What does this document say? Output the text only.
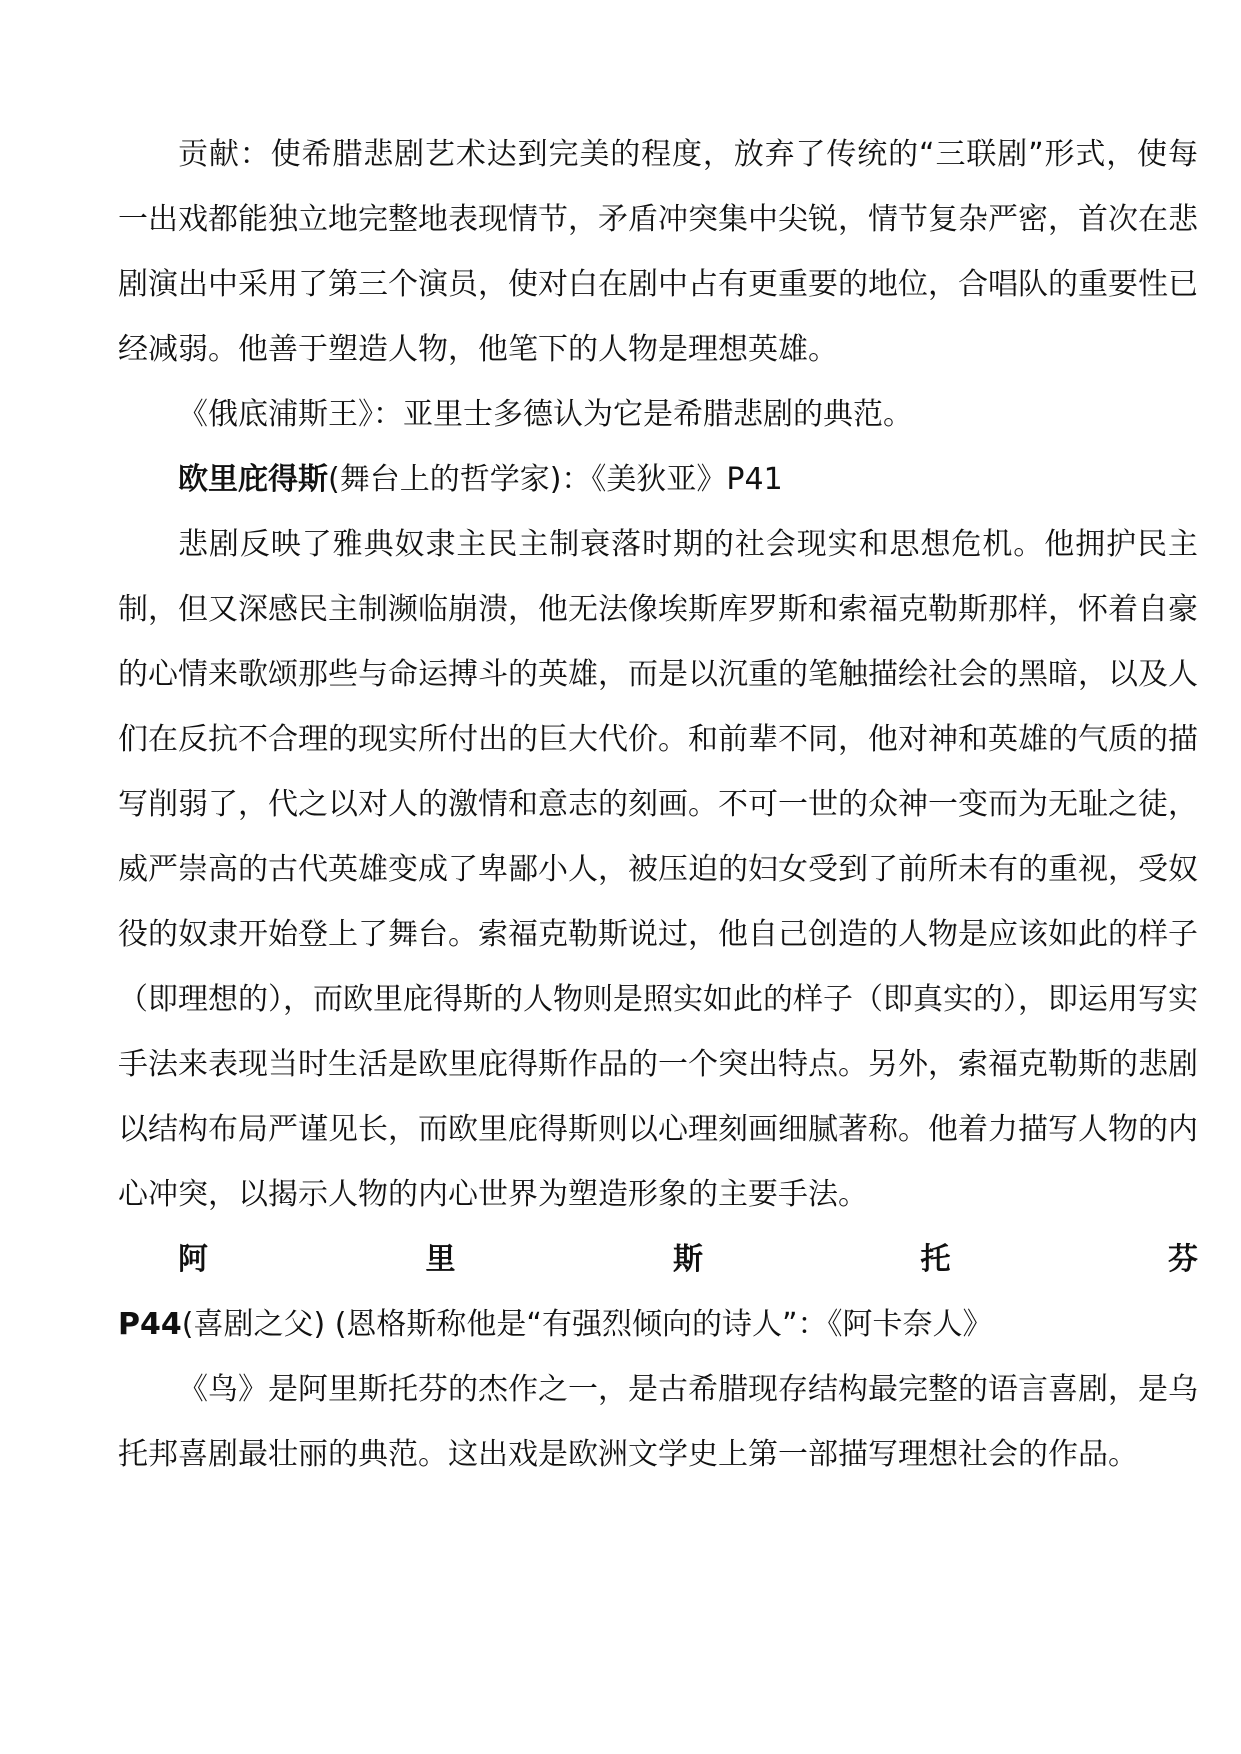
贡献：使希腊悲剧艺术达到完美的程度，放弃了传统的“三联剧”形式，使每一出戏都能独立地完整地表现情节，矛盾冲突集中尖锐，情节复杂严密，首次在悲剧演出中采用了第三个演员，使对白在剧中占有更重要的地位，合唱队的重要性已经减弱。他善于塑造人物，他笔下的人物是理想英雄。

《俄底浦斯王》：亚里士多德认为它是希腊悲剧的典范。

欧里庇得斯(舞台上的哲学家)：《美狄亚》P41

悲剧反映了雅典奴隶主民主制衰落时期的社会现实和思想危机。他拥护民主制，但又深感民主制濒临崩溃，他无法像埃斯库罗斯和索福克勒斯那样，怀着自豪的心情来歌颂那些与命运搏斗的英雄，而是以沉重的笔触描绘社会的黑暗，以及人们在反抗不合理的现实所付出的巨大代价。和前辈不同，他对神和英雄的气质的描写削弱了，代之以对人的激情和意志的刻画。不可一世的众神一变而为无耻之徒，威严崇高的古代英雄变成了卑鄙小人，被压迫的妇女受到了前所未有的重视，受奴役的奴隶开始登上了舞台。索福克勒斯说过，他自己创造的人物是应该如此的样子（即理想的），而欧里庇得斯的人物则是照实如此的样子（即真实的），即运用写实手法来表现当时生活是欧里庇得斯作品的一个突出特点。另外，索福克勒斯的悲剧以结构布局严谨见长，而欧里庇得斯则以心理刻画细腻著称。他着力描写人物的内心冲突，以揭示人物的内心世界为塑造形象的主要手法。

阿里斯托芬 P44(喜剧之父) (恩格斯称他是“有强烈倾向的诗人”：《阿卡奈人》

《鸟》是阿里斯托芬的杰作之一，是古希腊现存结构最完整的语言喜剧，是乌托邦喜剧最壮丽的典范。这出戏是欧洲文学史上第一部描写理想社会的作品。
